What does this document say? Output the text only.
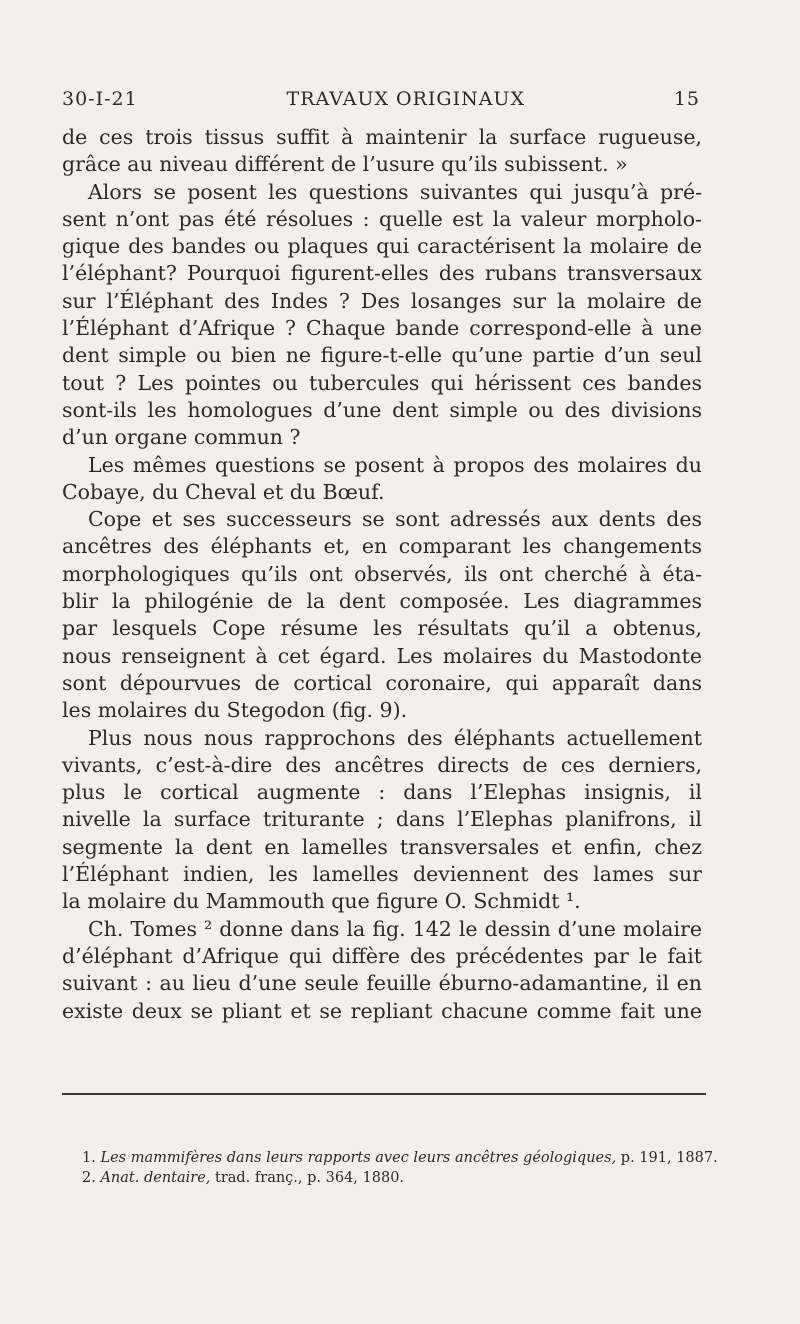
30-I-21	TRAVAUX ORIGINAUX	15
de ces trois tissus suffit à maintenir la surface rugueuse,
grâce au niveau différent de l’usure qu’ils subissent. »
Alors se posent les questions suivantes qui jusqu’à pré-
sent n’ont pas été résolues : quelle est la valeur morpholo-
gique des bandes ou plaques qui caractérisent la molaire de
l’éléphant? Pourquoi figurent-elles des rubans transversaux
sur l’Éléphant des Indes ? Des losanges sur la molaire de
l’Éléphant d’Afrique ? Chaque bande correspond-elle à une
dent simple ou bien ne figure-t-elle qu’une partie d’un seul
tout ? Les pointes ou tubercules qui hérissent ces bandes
sont-ils les homologues d’une dent simple ou des divisions
d’un organe commun ?
Les mêmes questions se posent à propos des molaires du
Cobaye, du Cheval et du Bœuf.
Cope et ses successeurs se sont adressés aux dents des
ancêtres des éléphants et, en comparant les changements
morphologiques qu’ils ont observés, ils ont cherché à éta-
blir la philogénie de la dent composée. Les diagrammes
par lesquels Cope résume les résultats qu’il a obtenus,
nous renseignent à cet égard. Les molaires du Mastodonte
sont dépourvues de cortical coronaire, qui apparaît dans
les molaires du Stegodon (fig. 9).
Plus nous nous rapprochons des éléphants actuellement
vivants, c’est-à-dire des ancêtres directs de ces derniers,
plus le cortical augmente : dans l’Elephas insignis, il
nivelle la surface triturante ; dans l’Elephas planifrons, il
segmente la dent en lamelles transversales et enfin, chez
l’Éléphant indien, les lamelles deviennent des lames sur
la molaire du Mammouth que figure O. Schmidt ¹.
Ch. Tomes ² donne dans la fig. 142 le dessin d’une molaire
d’éléphant d’Afrique qui diffère des précédentes par le fait
suivant : au lieu d’une seule feuille éburno-adamantine, il en
existe deux se pliant et se repliant chacune comme fait une
1. Les mammifères dans leurs rapports avec leurs ancêtres géologiques, p. 191, 1887.
2. Anat. dentaire, trad. franç., p. 364, 1880.
